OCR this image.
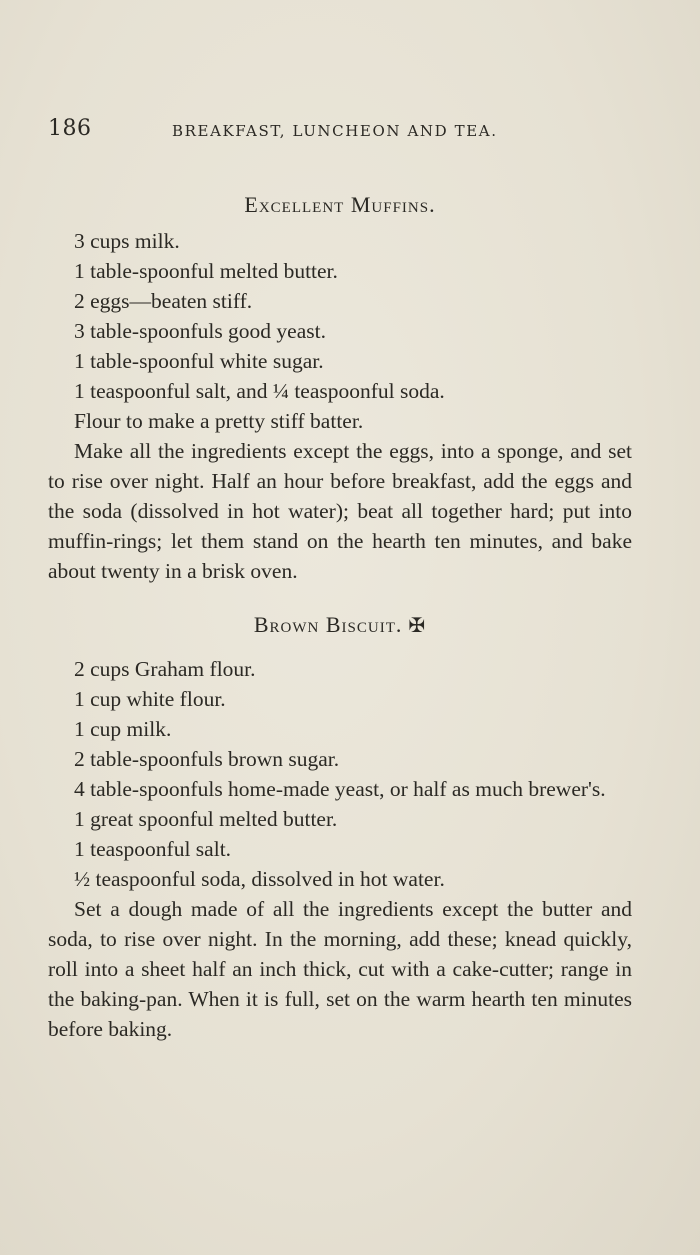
186	BREAKFAST, LUNCHEON AND TEA.
Excellent Muffins.

3 cups milk.

1 table-spoonful melted butter.

2 eggs—beaten stiff.

3 table-spoonfuls good yeast.

1 table-spoonful white sugar.

1 teaspoonful salt, and ¼ teaspoonful soda.

Flour to make a pretty stiff batter.

Make all the ingredients except the eggs, into a sponge, and set to rise over night. Half an hour before breakfast, add the eggs and the soda (dissolved in hot water); beat all together hard; put into muffin-rings; let them stand on the hearth ten minutes, and bake about twenty in a brisk oven.

Brown Biscuit. ✠

2 cups Graham flour.

1 cup white flour.

1 cup milk.

2 table-spoonfuls brown sugar.

4 table-spoonfuls home-made yeast, or half as much brewer's.

1 great spoonful melted butter.

1 teaspoonful salt.

½ teaspoonful soda, dissolved in hot water.

Set a dough made of all the ingredients except the butter and soda, to rise over night. In the morning, add these; knead quickly, roll into a sheet half an inch thick, cut with a cake-cutter; range in the baking-pan. When it is full, set on the warm hearth ten minutes before baking.
